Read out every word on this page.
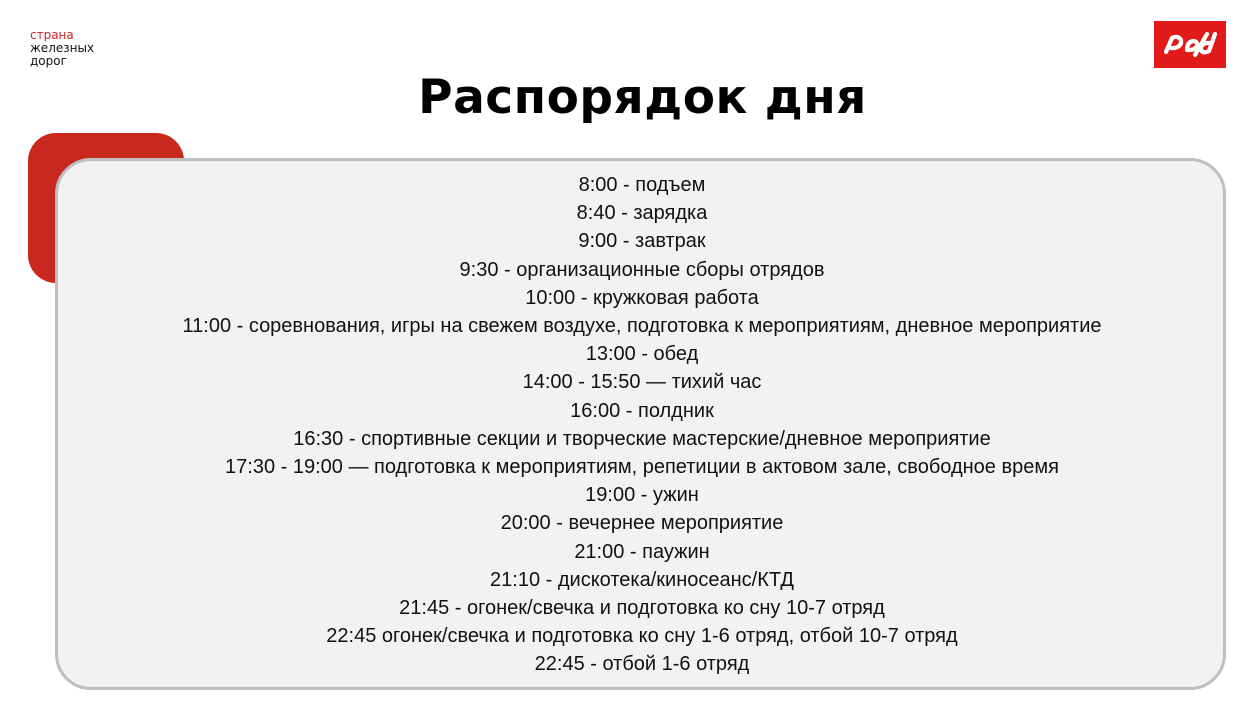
страна
железных
дорог
Распорядок дня
8:00 - подъем
8:40 - зарядка
9:00 - завтрак
9:30 - организационные сборы отрядов
10:00 - кружковая работа
11:00 - соревнования, игры на свежем воздухе, подготовка к мероприятиям, дневное мероприятие
13:00 - обед
14:00 - 15:50 — тихий час
16:00 - полдник
16:30 - спортивные секции и творческие мастерские/дневное мероприятие
17:30 - 19:00 — подготовка к мероприятиям, репетиции в актовом зале, свободное время
19:00 - ужин
20:00 - вечернее мероприятие
21:00 - паужин
21:10 - дискотека/киносеанс/КТД
21:45 - огонек/свечка и подготовка ко сну 10-7 отряд
22:45 огонек/свечка и подготовка ко сну 1-6 отряд, отбой 10-7 отряд
22:45 - отбой 1-6 отряд
